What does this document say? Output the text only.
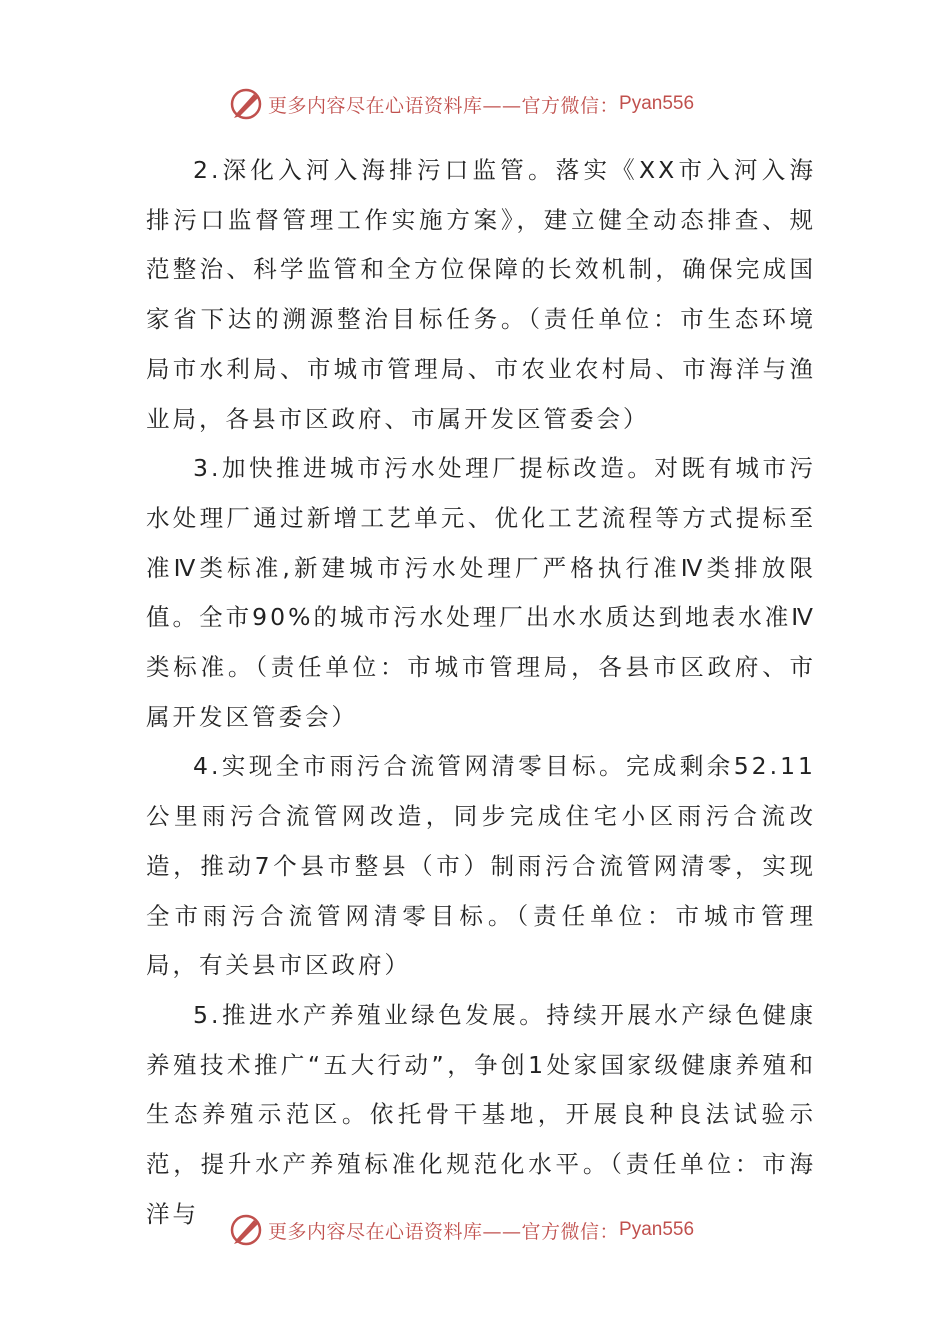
更多内容尽在心语资料库——官方微信： Pyan556

2.深化入河入海排污口监管。落实《XX市入河入海排污口监督管理工作实施方案》，建立健全动态排查、规范整治、科学监管和全方位保障的长效机制，确保完成国家省下达的溯源整治目标任务。（责任单位：市生态环境局市水利局、市城市管理局、市农业农村局、市海洋与渔业局，各县市区政府、市属开发区管委会）

3.加快推进城市污水处理厂提标改造。对既有城市污水处理厂通过新增工艺单元、优化工艺流程等方式提标至准Ⅳ类标准,新建城市污水处理厂严格执行准Ⅳ类排放限值。全市90%的城市污水处理厂出水水质达到地表水准Ⅳ类标准。（责任单位：市城市管理局，各县市区政府、市属开发区管委会）

4.实现全市雨污合流管网清零目标。完成剩余52.11公里雨污合流管网改造，同步完成住宅小区雨污合流改造，推动7个县市整县（市）制雨污合流管网清零，实现全市雨污合流管网清零目标。（责任单位：市城市管理局，有关县市区政府）

5.推进水产养殖业绿色发展。持续开展水产绿色健康养殖技术推广“五大行动”，争创1处家国家级健康养殖和生态养殖示范区。依托骨干基地，开展良种良法试验示范，提升水产养殖标准化规范化水平。（责任单位：市海洋与

更多内容尽在心语资料库——官方微信： Pyan556
